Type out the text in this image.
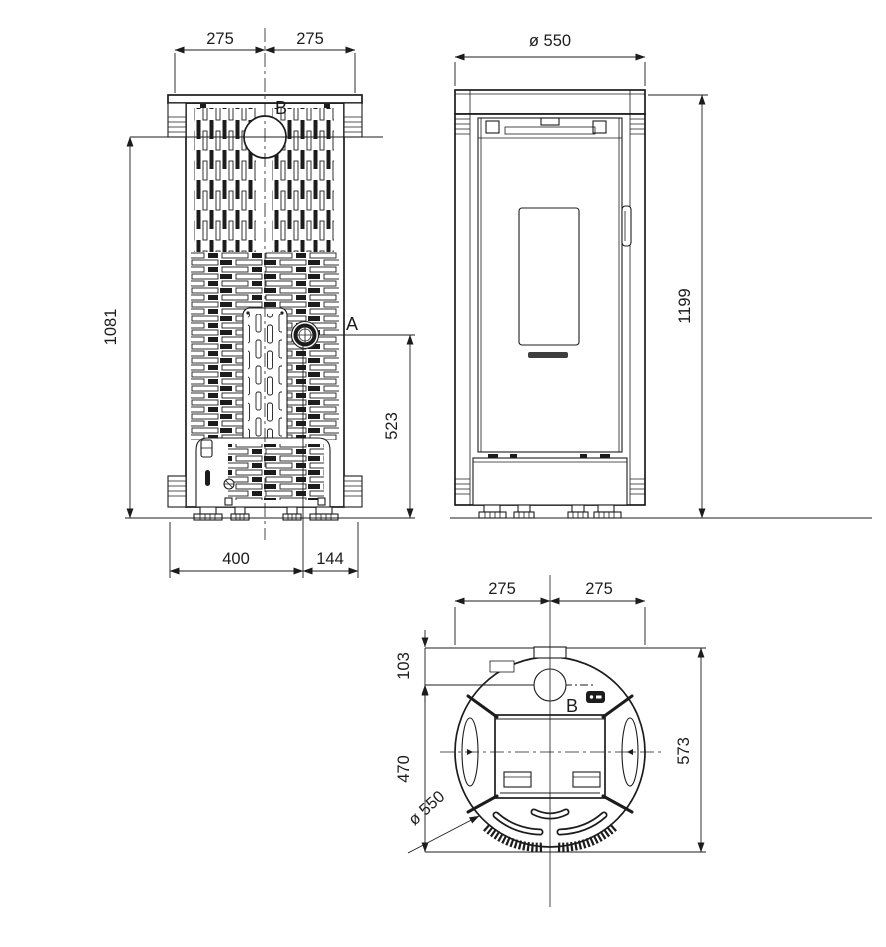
275	275
1081
523
400	144
B
A
ø 550
1199
275	275
103
470
573
ø 550
B
